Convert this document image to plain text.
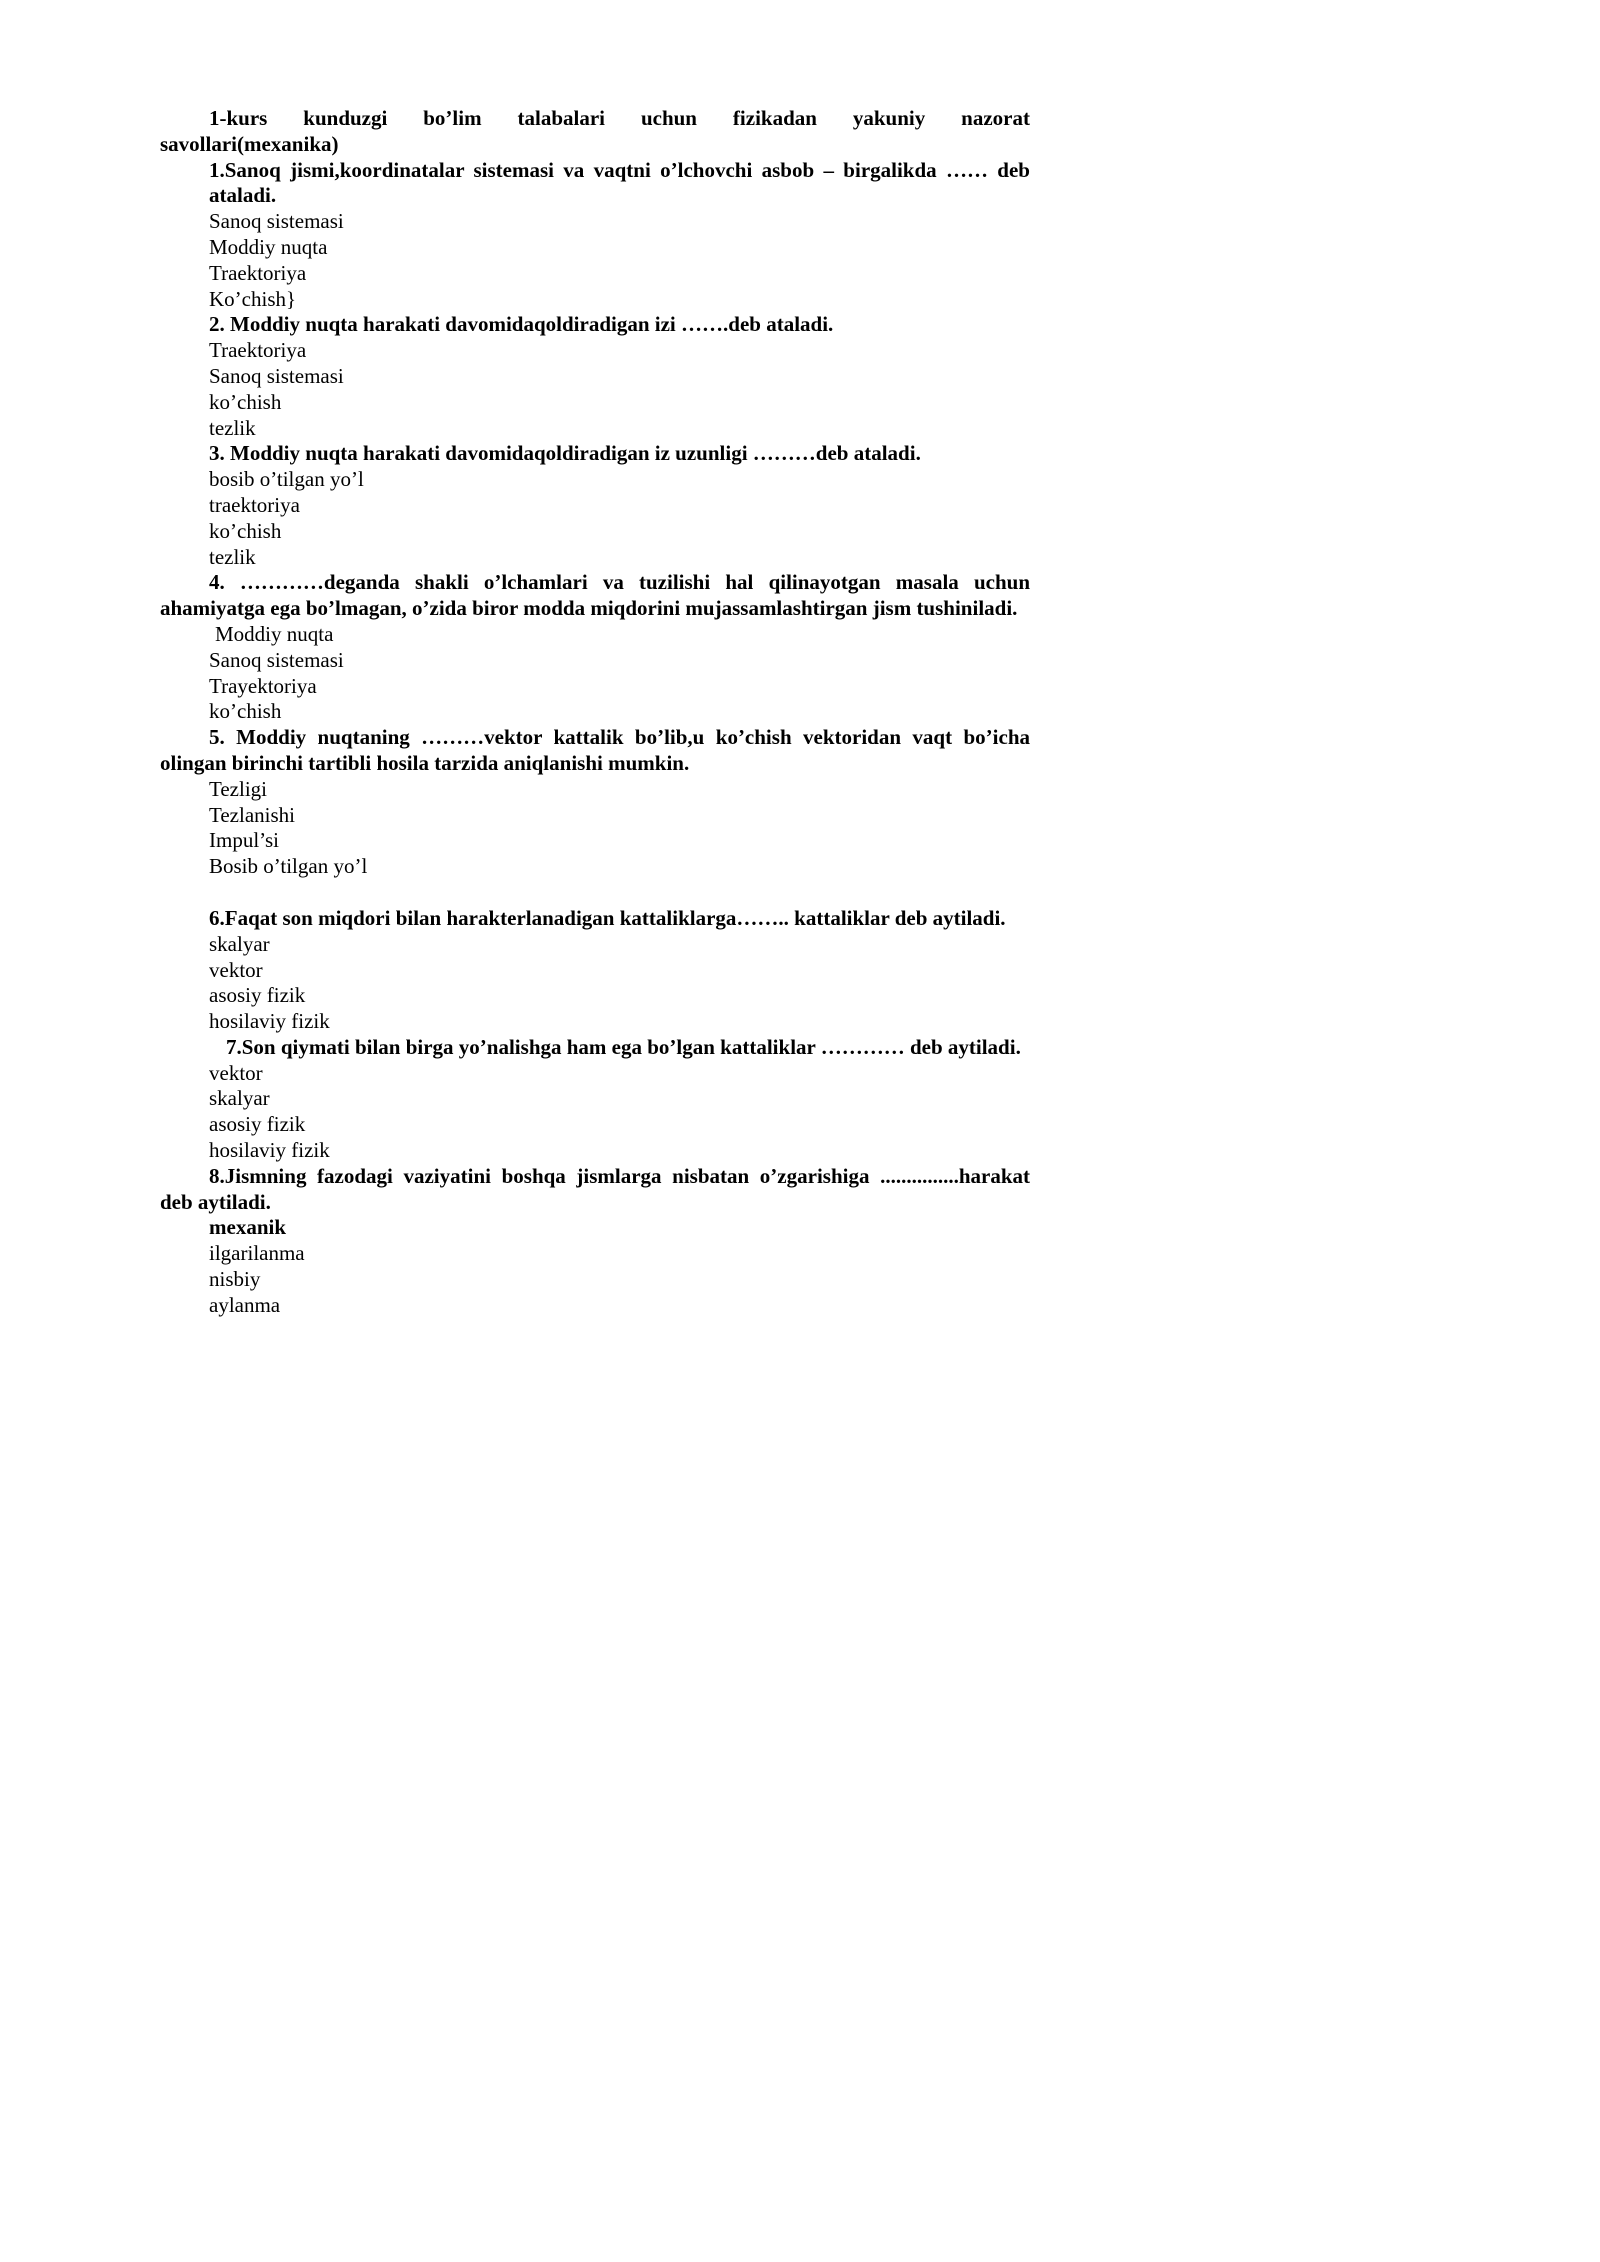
1-kurs kunduzgi bo’lim talabalari uchun fizikadan yakuniy nazorat

savollari(mexanika)

1.Sanoq jismi,koordinatalar sistemasi va vaqtni o’lchovchi asbob – birgalikda …… deb ataladi.

Sanoq sistemasi

Moddiy nuqta

Traektoriya

Ko’chish}

2. Moddiy nuqta harakati davomidaqoldiradigan izi …….deb ataladi.

Traektoriya

Sanoq sistemasi

ko’chish

tezlik

3. Moddiy nuqta harakati davomidaqoldiradigan iz uzunligi ………deb ataladi.

bosib o’tilgan yo’l

traektoriya

ko’chish

tezlik

4. …………deganda shakli o’lchamlari va tuzilishi hal qilinayotgan masala uchun ahamiyatga ega bo’lmagan, o’zida biror modda miqdorini mujassamlashtirgan jism tushiniladi.

Moddiy nuqta

Sanoq sistemasi

Trayektoriya

ko’chish

5. Moddiy nuqtaning ………vektor kattalik bo’lib,u ko’chish vektoridan vaqt bo’icha olingan birinchi tartibli hosila tarzida aniqlanishi mumkin.

Tezligi

Tezlanishi

Impul’si

Bosib o’tilgan yo’l

6.Faqat son miqdori bilan harakterlanadigan kattaliklarga…….. kattaliklar deb aytiladi.

skalyar

vektor

asosiy fizik

hosilaviy fizik

7.Son qiymati bilan birga yo’nalishga ham ega bo’lgan kattaliklar ………… deb aytiladi.

vektor

skalyar

asosiy fizik

hosilaviy fizik

8.Jismning fazodagi vaziyatini boshqa jismlarga nisbatan o’zgarishiga ...............harakat deb aytiladi.

mexanik

ilgarilanma

nisbiy

aylanma
